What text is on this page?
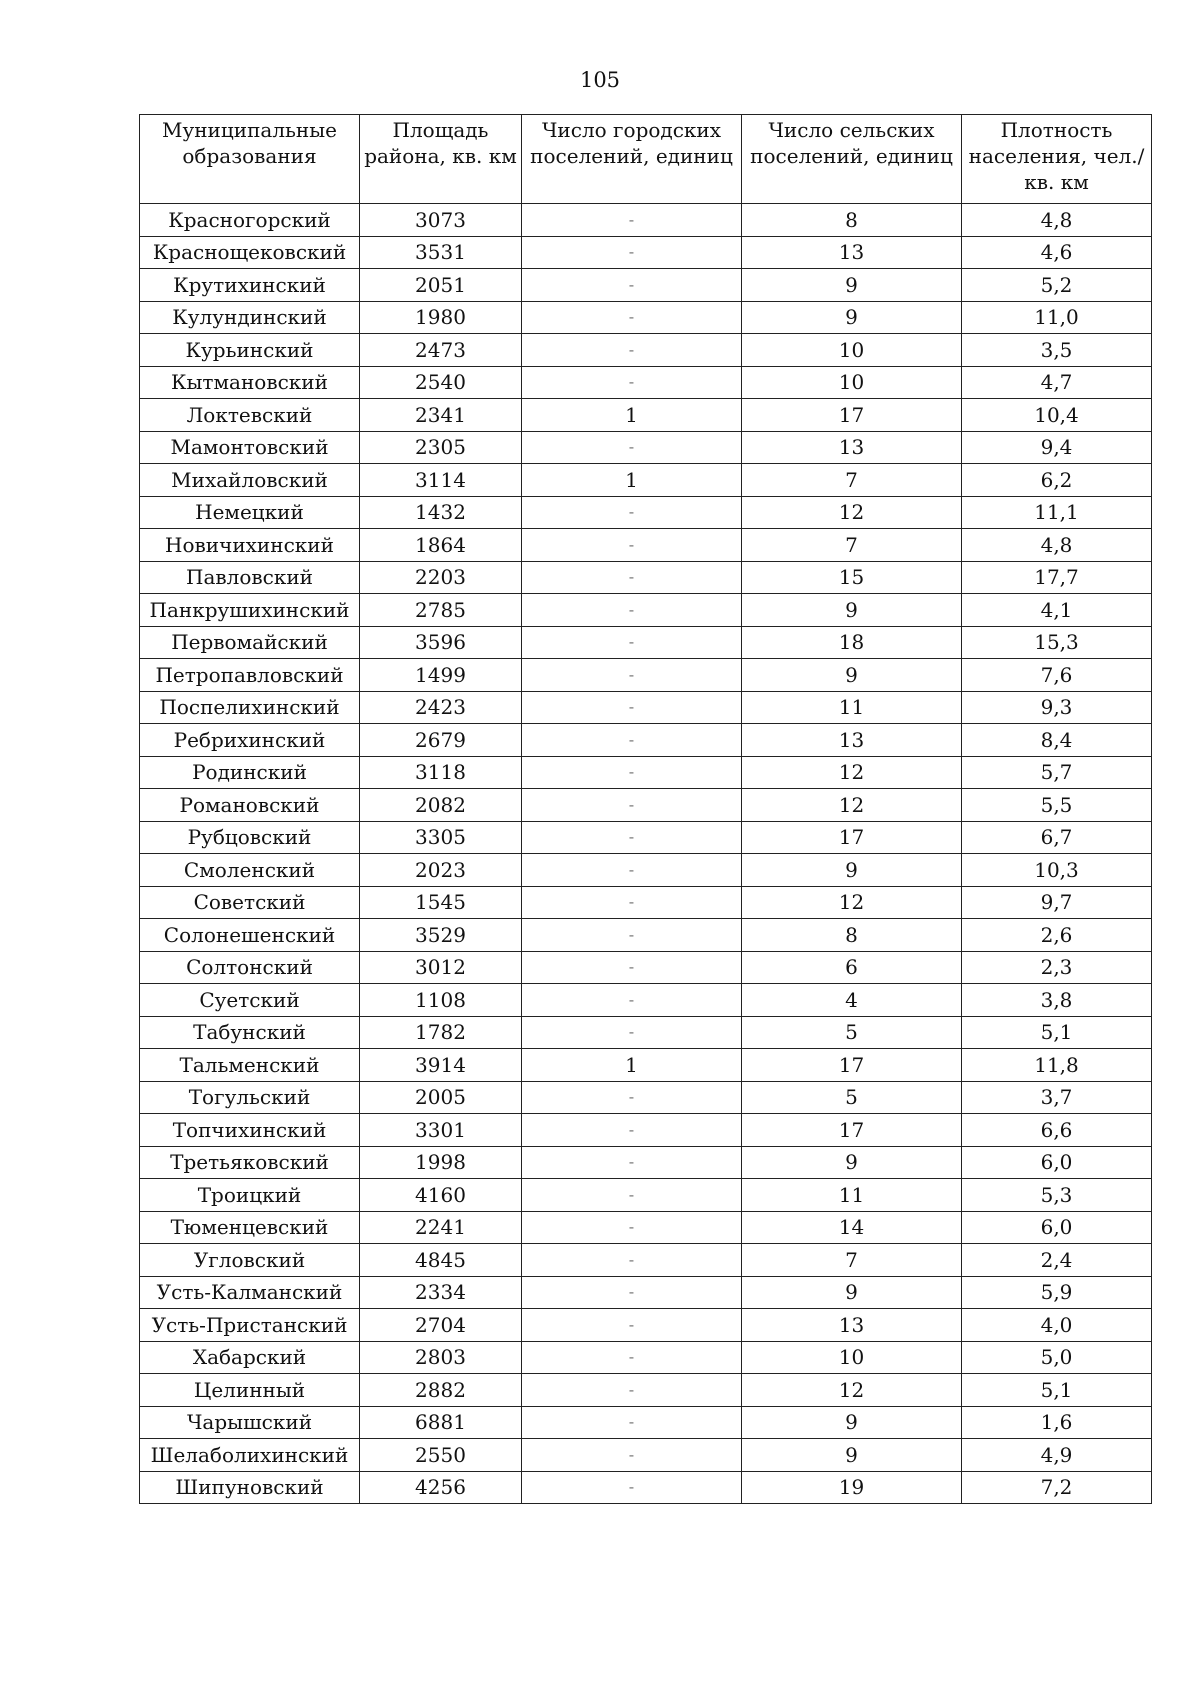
105
Муниципальные образования	Площадь района, кв. км	Число городских поселений, единиц	Число сельских поселений, единиц	Плотность населения, чел./кв. км
Красногорский	3073	-	8	4,8
Краснощековский	3531	-	13	4,6
Крутихинский	2051	-	9	5,2
Кулундинский	1980	-	9	11,0
Курьинский	2473	-	10	3,5
Кытмановский	2540	-	10	4,7
Локтевский	2341	1	17	10,4
Мамонтовский	2305	-	13	9,4
Михайловский	3114	1	7	6,2
Немецкий	1432	-	12	11,1
Новичихинский	1864	-	7	4,8
Павловский	2203	-	15	17,7
Панкрушихинский	2785	-	9	4,1
Первомайский	3596	-	18	15,3
Петропавловский	1499	-	9	7,6
Поспелихинский	2423	-	11	9,3
Ребрихинский	2679	-	13	8,4
Родинский	3118	-	12	5,7
Романовский	2082	-	12	5,5
Рубцовский	3305	-	17	6,7
Смоленский	2023	-	9	10,3
Советский	1545	-	12	9,7
Солонешенский	3529	-	8	2,6
Солтонский	3012	-	6	2,3
Суетский	1108	-	4	3,8
Табунский	1782	-	5	5,1
Тальменский	3914	1	17	11,8
Тогульский	2005	-	5	3,7
Топчихинский	3301	-	17	6,6
Третьяковский	1998	-	9	6,0
Троицкий	4160	-	11	5,3
Тюменцевский	2241	-	14	6,0
Угловский	4845	-	7	2,4
Усть-Калманский	2334	-	9	5,9
Усть-Пристанский	2704	-	13	4,0
Хабарский	2803	-	10	5,0
Целинный	2882	-	12	5,1
Чарышский	6881	-	9	1,6
Шелаболихинский	2550	-	9	4,9
Шипуновский	4256	-	19	7,2
